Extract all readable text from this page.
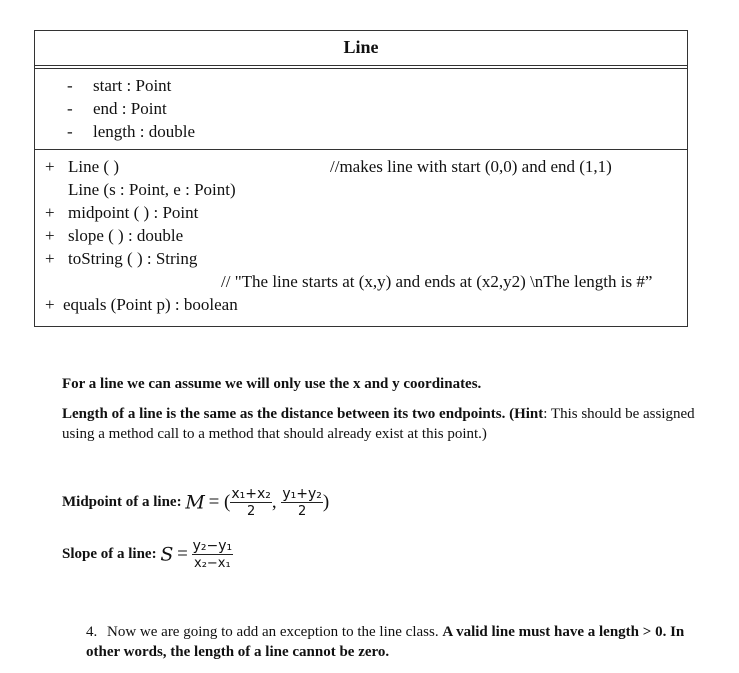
Line
- start : Point
- end : Point
- length : double
+ Line ( )	//makes line with start (0,0) and end (1,1)
Line (s : Point, e : Point)
+ midpoint ( ) : Point
+ slope ( ) : double
+ toString ( ) : String
// "The line starts at (x,y) and ends at (x2,y2) \nThe length is #”
+ equals (Point p) : boolean
For a line we can assume we will only use the x and y coordinates.
Length of a line is the same as the distance between its two endpoints. (Hint: This should be assigned using a method call to a method that should already exist at this point.)
Midpoint of a line: M = ( $\frac{\text{x₁+x₂}}{2}$ , $\frac{\text{y₁+y₂}}{2}$ )
Slope of a line: $S = \frac{\text{y₂−y₁}}{\text{x₂−x₁}}$
4. Now we are going to add an exception to the line class. A valid line must have a length > 0. In other words, the length of a line cannot be zero.
